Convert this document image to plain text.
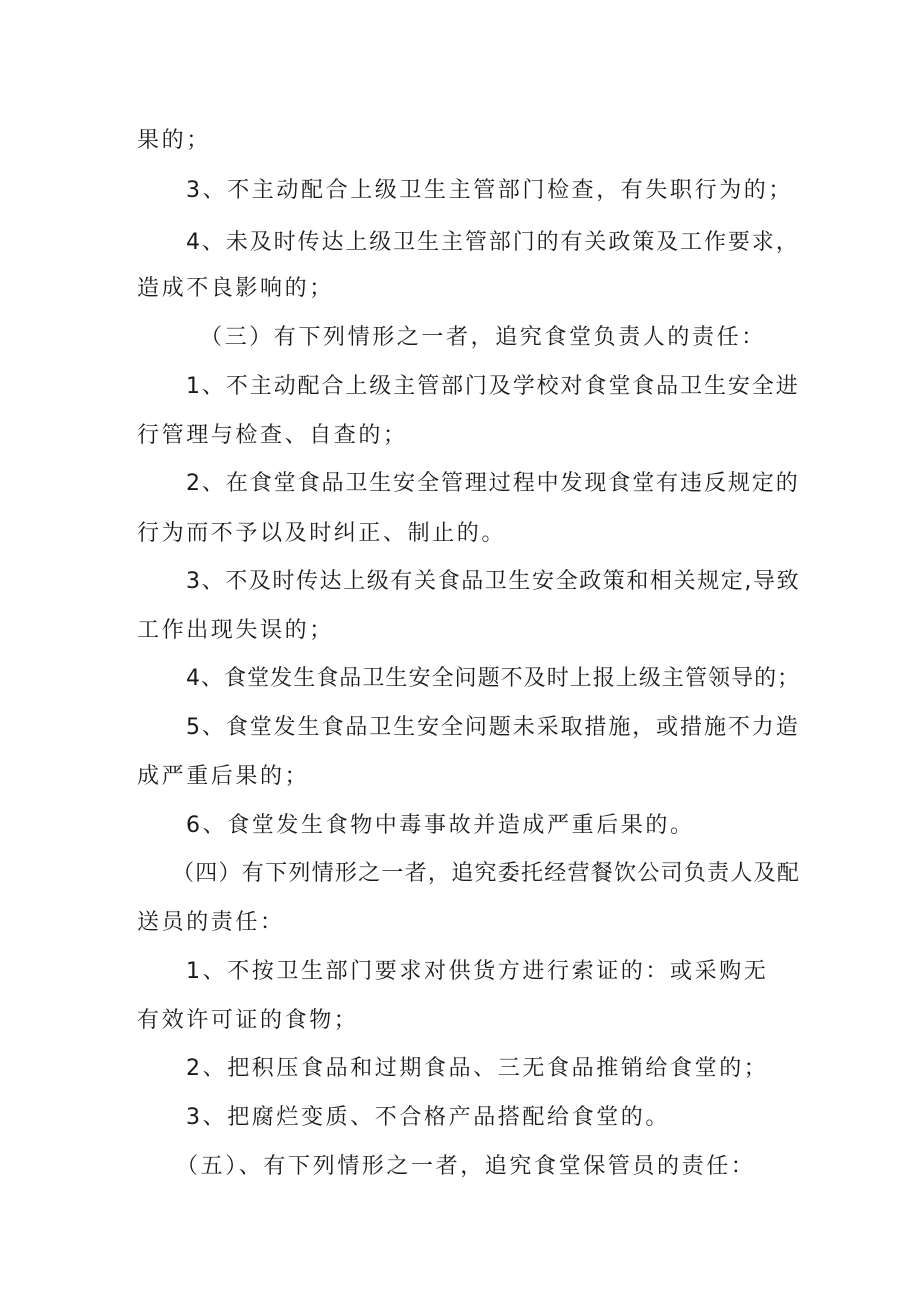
果的；
3、不主动配合上级卫生主管部门检查，有失职行为的；
4、未及时传达上级卫生主管部门的有关政策及工作要求，
造成不良影响的；
（三）有下列情形之一者，追究食堂负责人的责任：
1、不主动配合上级主管部门及学校对食堂食品卫生安全进
行管理与检查、自查的；
2、在食堂食品卫生安全管理过程中发现食堂有违反规定的
行为而不予以及时纠正、制止的。
3、不及时传达上级有关食品卫生安全政策和相关规定,导致
工作出现失误的；
4、食堂发生食品卫生安全问题不及时上报上级主管领导的；
5、食堂发生食品卫生安全问题未采取措施，或措施不力造
成严重后果的；
6、食堂发生食物中毒事故并造成严重后果的。
（四）有下列情形之一者，追究委托经营餐饮公司负责人及配
送员的责任：
1、不按卫生部门要求对供货方进行索证的：或采购无
有效许可证的食物；
2、把积压食品和过期食品、三无食品推销给食堂的；
3、把腐烂变质、不合格产品搭配给食堂的。
（五）、有下列情形之一者，追究食堂保管员的责任：
